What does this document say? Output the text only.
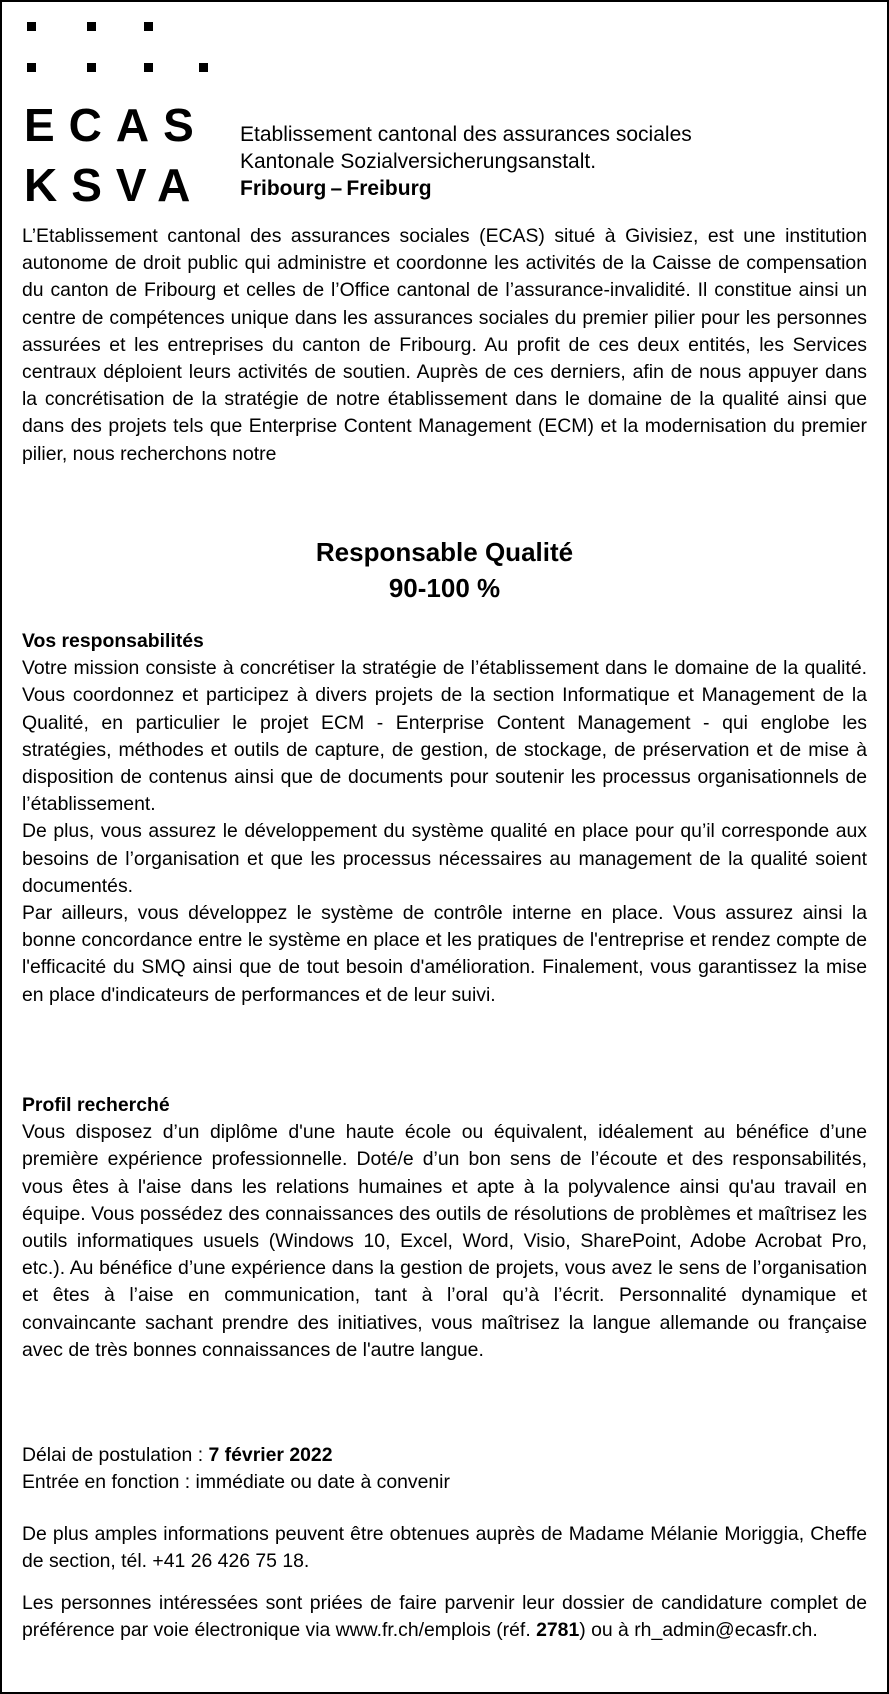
ECAS
KSVA
Etablissement cantonal des assurances sociales
Kantonale Sozialversicherungsanstalt.
Fribourg – Freiburg

L’Etablissement cantonal des assurances sociales (ECAS) situé à Givisiez, est une institution autonome de droit public qui administre et coordonne les activités de la Caisse de compensation du canton de Fribourg et celles de l’Office cantonal de l’assurance-invalidité. Il constitue ainsi un centre de compétences unique dans les assurances sociales du premier pilier pour les personnes assurées et les entreprises du canton de Fribourg. Au profit de ces deux entités, les Services centraux déploient leurs activités de soutien. Auprès de ces derniers, afin de nous appuyer dans la concrétisation de la stratégie de notre établissement dans le domaine de la qualité ainsi que dans des projets tels que Enterprise Content Management (ECM) et la modernisation du premier pilier, nous recherchons notre

Responsable Qualité
90-100 %
Vos responsabilités

Votre mission consiste à concrétiser la stratégie de l’établissement dans le domaine de la qualité. Vous coordonnez et participez à divers projets de la section Informatique et Management de la Qualité, en particulier le projet ECM - Enterprise Content Management - qui englobe les stratégies, méthodes et outils de capture, de gestion, de stockage, de préservation et de mise à disposition de contenus ainsi que de documents pour soutenir les processus organisationnels de l’établissement.

De plus, vous assurez le développement du système qualité en place pour qu’il corresponde aux besoins de l’organisation et que les processus nécessaires au management de la qualité soient documentés.

Par ailleurs, vous développez le système de contrôle interne en place. Vous assurez ainsi la bonne concordance entre le système en place et les pratiques de l'entreprise et rendez compte de l'efficacité du SMQ ainsi que de tout besoin d'amélioration. Finalement, vous garantissez la mise en place d'indicateurs de performances et de leur suivi.

Profil recherché

Vous disposez d’un diplôme d'une haute école ou équivalent, idéalement au bénéfice d’une première expérience professionnelle. Doté/e d’un bon sens de l’écoute et des responsabilités, vous êtes à l'aise dans les relations humaines et apte à la polyvalence ainsi qu'au travail en équipe. Vous possédez des connaissances des outils de résolutions de problèmes et maîtrisez les outils informatiques usuels (Windows 10, Excel, Word, Visio, SharePoint, Adobe Acrobat Pro, etc.). Au bénéfice d’une expérience dans la gestion de projets, vous avez le sens de l’organisation et êtes à l’aise en communication, tant à l’oral qu’à l’écrit. Personnalité dynamique et convaincante sachant prendre des initiatives, vous maîtrisez la langue allemande ou française avec de très bonnes connaissances de l'autre langue.

Délai de postulation : 7 février 2022
Entrée en fonction : immédiate ou date à convenir

De plus amples informations peuvent être obtenues auprès de Madame Mélanie Moriggia, Cheffe de section, tél. +41 26 426 75 18.

Les personnes intéressées sont priées de faire parvenir leur dossier de candidature complet de préférence par voie électronique via www.fr.ch/emplois (réf. 2781) ou à rh_admin@ecasfr.ch.
